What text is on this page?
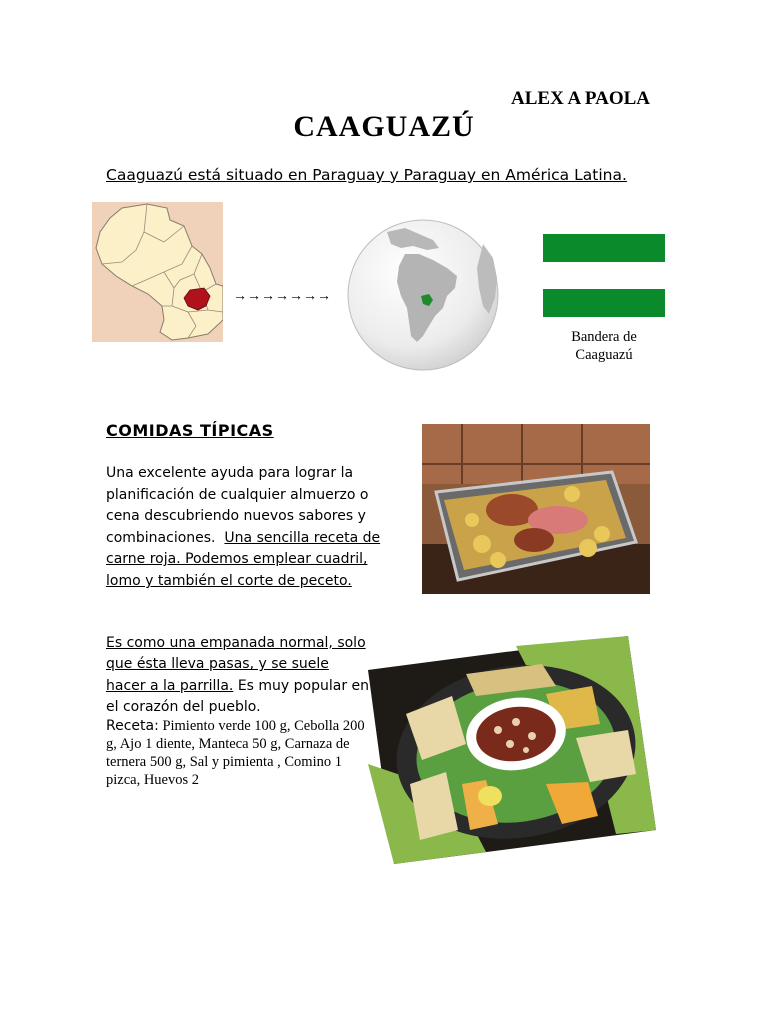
ALEX A PAOLA
CAAGUAZÚ
Caaguazú está situado en Paraguay y Paraguay en América Latina.
→→→→→→→
Bandera de
Caaguazú
COMIDAS TÍPICAS
Una excelente ayuda para lograr la planificación de cualquier almuerzo o cena descubriendo nuevos sabores y combinaciones. Una sencilla receta de carne roja. Podemos emplear cuadril, lomo y también el corte de peceto.
Es como una empanada normal, solo que ésta lleva pasas, y se suele hacer a la parrilla. Es muy popular en el corazón del pueblo.
Receta: Pimiento verde 100 g, Cebolla 200 g, Ajo 1 diente, Manteca 50 g, Carnaza de ternera 500 g, Sal y pimienta , Comino 1 pizca, Huevos 2
